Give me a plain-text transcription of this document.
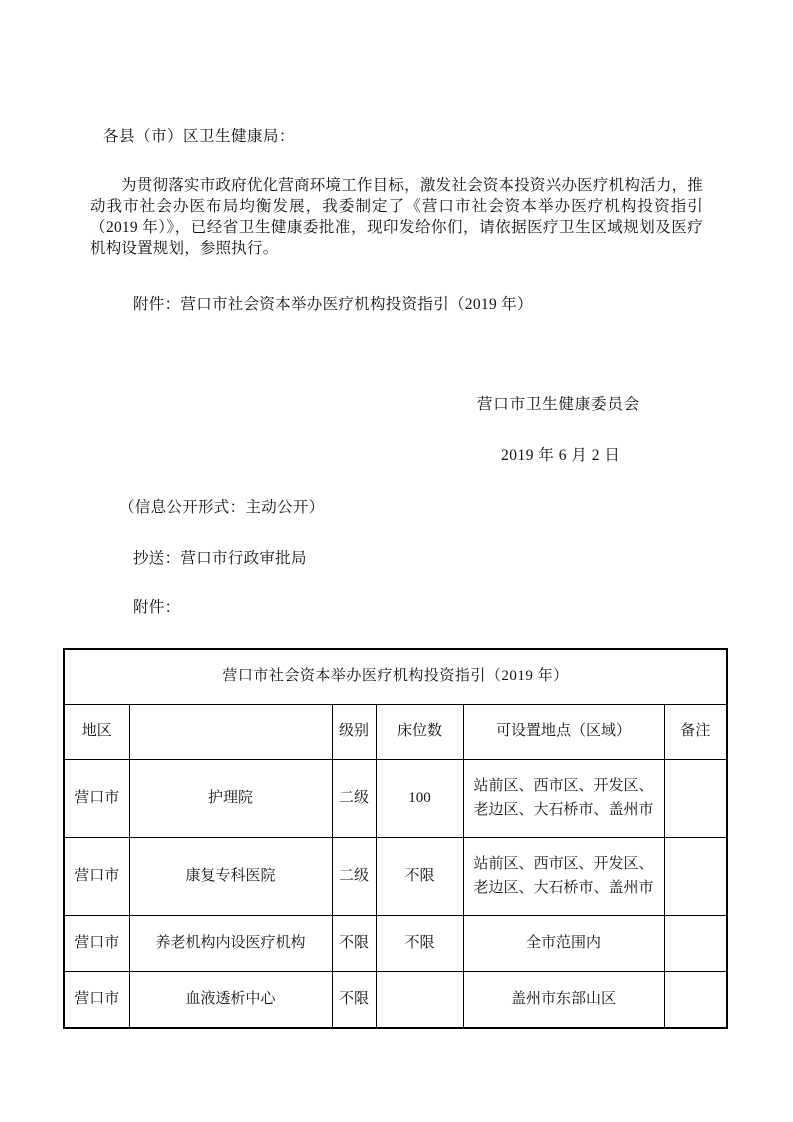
各县（市）区卫生健康局：
为贯彻落实市政府优化营商环境工作目标，激发社会资本投资兴办医疗机构活力，推动我市社会办医布局均衡发展，我委制定了《营口市社会资本举办医疗机构投资指引（2019 年）》，已经省卫生健康委批准，现印发给你们，请依据医疗卫生区域规划及医疗机构设置规划，参照执行。
附件：营口市社会资本举办医疗机构投资指引（2019 年）
营口市卫生健康委员会
2019 年 6 月 2 日
（信息公开形式：主动公开）
抄送：营口市行政审批局
附件：
营口市社会资本举办医疗机构投资指引（2019 年）					
地区		级别	床位数	可设置地点（区域）	备注
营口市	护理院	二级	100	站前区、西市区、开发区、老边区、大石桥市、盖州市	
营口市	康复专科医院	二级	不限	站前区、西市区、开发区、老边区、大石桥市、盖州市	
营口市	养老机构内设医疗机构	不限	不限	全市范围内	
营口市	血液透析中心	不限		盖州市东部山区	
